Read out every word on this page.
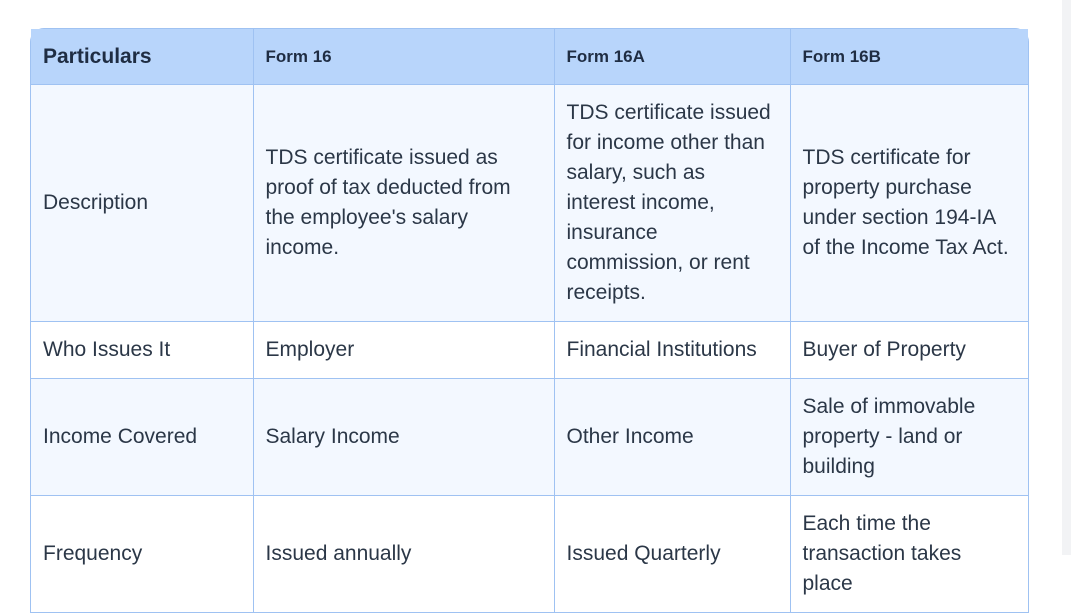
Particulars	Form 16	Form 16A	Form 16B
Description	TDS certificate issued as proof of tax deducted from the employee's salary income.	TDS certificate issued for income other than salary, such as interest income, insurance commission, or rent receipts.	TDS certificate for property purchase under section 194-IA of the Income Tax Act.
Who Issues It	Employer	Financial Institutions	Buyer of Property
Income Covered	Salary Income	Other Income	Sale of immovable property - land or building
Frequency	Issued annually	Issued Quarterly	Each time the transaction takes place
